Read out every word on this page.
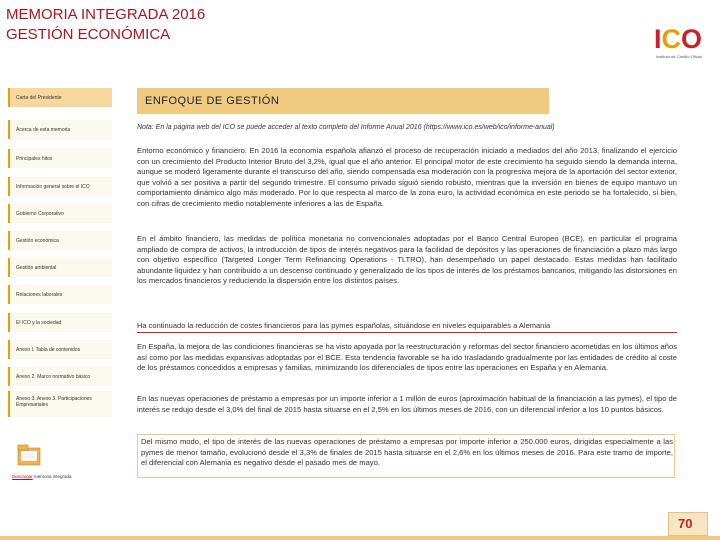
MEMORIA INTEGRADA 2016
GESTIÓN ECONÓMICA	ICO
Instituto de Crédito Oficial
Carta del Presidente
Acerca de esta memoria
Principales hitos
Información general sobre el ICO
Gobierno Corporativo
Gestión económica
Gestión ambiental
Relaciones laborales
El ICO y la sociedad
Anexo I. Tabla de contenidos
Anexo 2. Marco normativo básico
Anexo 3. Anexo 3. Participaciones Empresariales
Descargar memoria integrada
ENFOQUE DE GESTIÓN
Nota: En la página web del ICO se puede acceder al texto completo del Informe Anual 2016 (https://www.ico.es/web/ico/informe-anual)
Entorno económico y financiero. En 2016 la economía española afianzó el proceso de recuperación iniciado a mediados del año 2013, finalizando el ejercicio con un crecimiento del Producto Interior Bruto del 3,2%, igual que el año anterior. El principal motor de este crecimiento ha seguido siendo la demanda interna, aunque se moderó ligeramente durante el transcurso del año, siendo compensada esa moderación con la progresiva mejora de la aportación del sector exterior, que volvió a ser positiva a partir del segundo trimestre. El consumo privado siguió siendo robusto, mientras que la inversión en bienes de equipo mantuvo un comportamiento dinámico algo más moderado. Por lo que respecta al marco de la zona euro, la actividad económica en este periodo se ha fortalecido, si bien, con cifras de crecimiento medio notablemente inferiores a las de España.
En el ámbito financiero, las medidas de política monetaria no convencionales adoptadas por el Banco Central Europeo (BCE), en particular el programa ampliado de compra de activos, la introducción de tipos de interés negativos para la facilidad de depósitos y las operaciones de financiación a plazo más largo con objetivo específico (Targeted Longer Term Refinancing Operations - TLTRO), han desempeñado un papel destacado. Estas medidas han facilitado abundante liquidez y han contribuido a un descenso continuado y generalizado de los tipos de interés de los préstamos bancarios, mitigando las distorsiones en los mercados financieros y reduciendo la dispersión entre los distintos países.
Ha continuado la reducción de costes financieros para las pymes españolas, situándose en niveles equiparables a Alemania
En España, la mejora de las condiciones financieras se ha visto apoyada por la reestructuración y reformas del sector financiero acometidas en los últimos años así como por las medidas expansivas adoptadas por el BCE. Esta tendencia favorable se ha ido trasladando gradualmente por las entidades de crédito al coste de los préstamos concedidos a empresas y familias, minimizando los diferenciales de tipos entre las operaciones en España y en Alemania.
En las nuevas operaciones de préstamo a empresas por un importe inferior a 1 millón de euros (aproximación habitual de la financiación a las pymes), el tipo de interés se redujo desde el 3,0% del final de 2015 hasta situarse en el 2,5% en los últimos meses de 2016, con un diferencial inferior a los 10 puntos básicos.
Del mismo modo, el tipo de interés de las nuevas operaciones de préstamo a empresas por importe inferior a 250.000 euros, dirigidas especialmente a las pymes de menor tamaño, evolucionó desde el 3,3% de finales de 2015 hasta situarse en el 2,6% en los últimos meses de 2016. Para este tramo de importe, el diferencial con Alemania es negativo desde el pasado mes de mayo.
70
